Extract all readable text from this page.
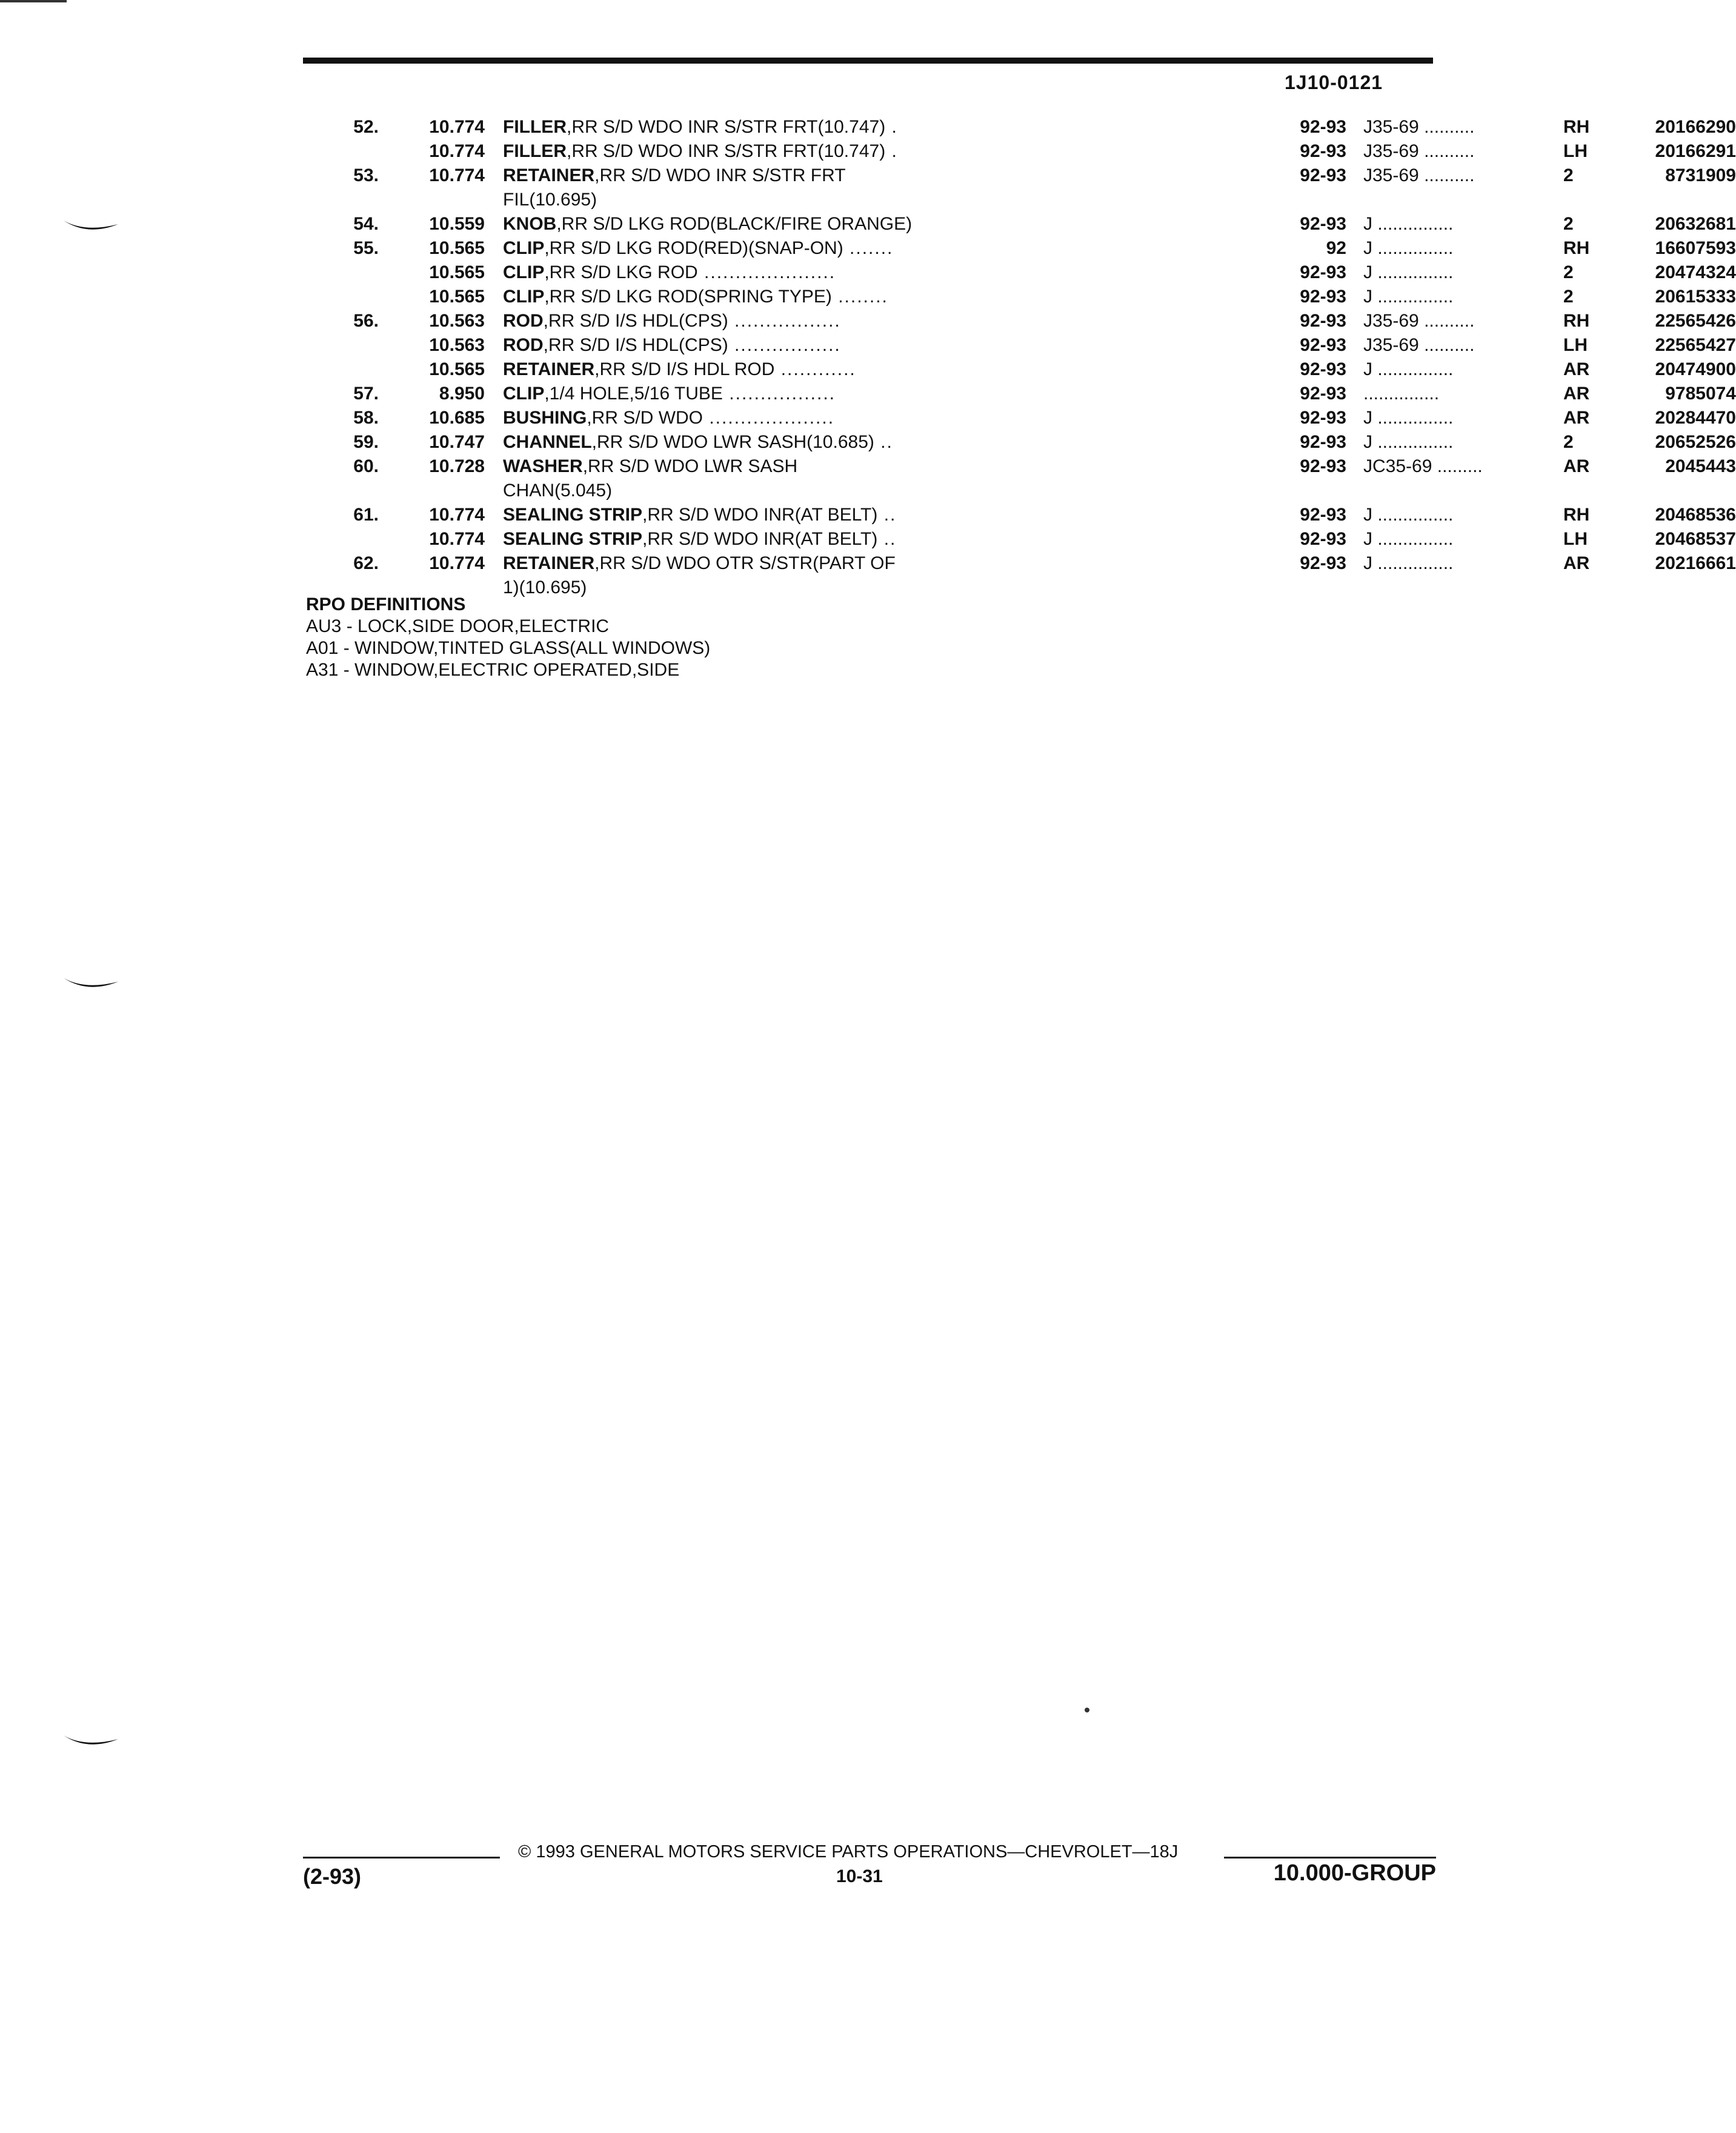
1J10-0121
52.	10.774 FILLER,RR S/D WDO INR S/STR FRT(10.747) .	92-93 J35-69 ..........	RH	20166290
10.774 FILLER,RR S/D WDO INR S/STR FRT(10.747) .	92-93 J35-69 ..........	LH	20166291
53.	10.774 RETAINER,RR S/D WDO INR S/STR FRT	92-93 J35-69 ..........	2	8731909
FIL(10.695)
54.	10.559 KNOB,RR S/D LKG ROD(BLACK/FIRE ORANGE)	92-93 J ...............	2	20632681
55.	10.565 CLIP,RR S/D LKG ROD(RED)(SNAP-ON) .......	92 J ...............	RH	16607593
10.565 CLIP,RR S/D LKG ROD .....................	92-93 J ...............	2	20474324
10.565 CLIP,RR S/D LKG ROD(SPRING TYPE) ........	92-93 J ...............	2	20615333
56.	10.563 ROD,RR S/D I/S HDL(CPS) .................	92-93 J35-69 ..........	RH	22565426
10.563 ROD,RR S/D I/S HDL(CPS) .................	92-93 J35-69 ..........	LH	22565427
10.565 RETAINER,RR S/D I/S HDL ROD ............	92-93 J ...............	AR	20474900
57.	8.950 CLIP,1/4 HOLE,5/16 TUBE .................	92-93 ...............	AR	9785074
58.	10.685 BUSHING,RR S/D WDO ....................	92-93 J ...............	AR	20284470
59.	10.747 CHANNEL,RR S/D WDO LWR SASH(10.685) ..	92-93 J ...............	2	20652526
60.	10.728 WASHER,RR S/D WDO LWR SASH	92-93 JC35-69 .........	AR	2045443
CHAN(5.045)
61.	10.774 SEALING STRIP,RR S/D WDO INR(AT BELT) ..	92-93 J ...............	RH	20468536
10.774 SEALING STRIP,RR S/D WDO INR(AT BELT) ..	92-93 J ...............	LH	20468537
62.	10.774 RETAINER,RR S/D WDO OTR S/STR(PART OF	92-93 J ...............	AR	20216661
1)(10.695)
RPO DEFINITIONS
AU3 - LOCK,SIDE DOOR,ELECTRIC
A01 - WINDOW,TINTED GLASS(ALL WINDOWS)
A31 - WINDOW,ELECTRIC OPERATED,SIDE
© 1993 GENERAL MOTORS SERVICE PARTS OPERATIONS—CHEVROLET—18J
(2-93)	10-31	10.000-GROUP
